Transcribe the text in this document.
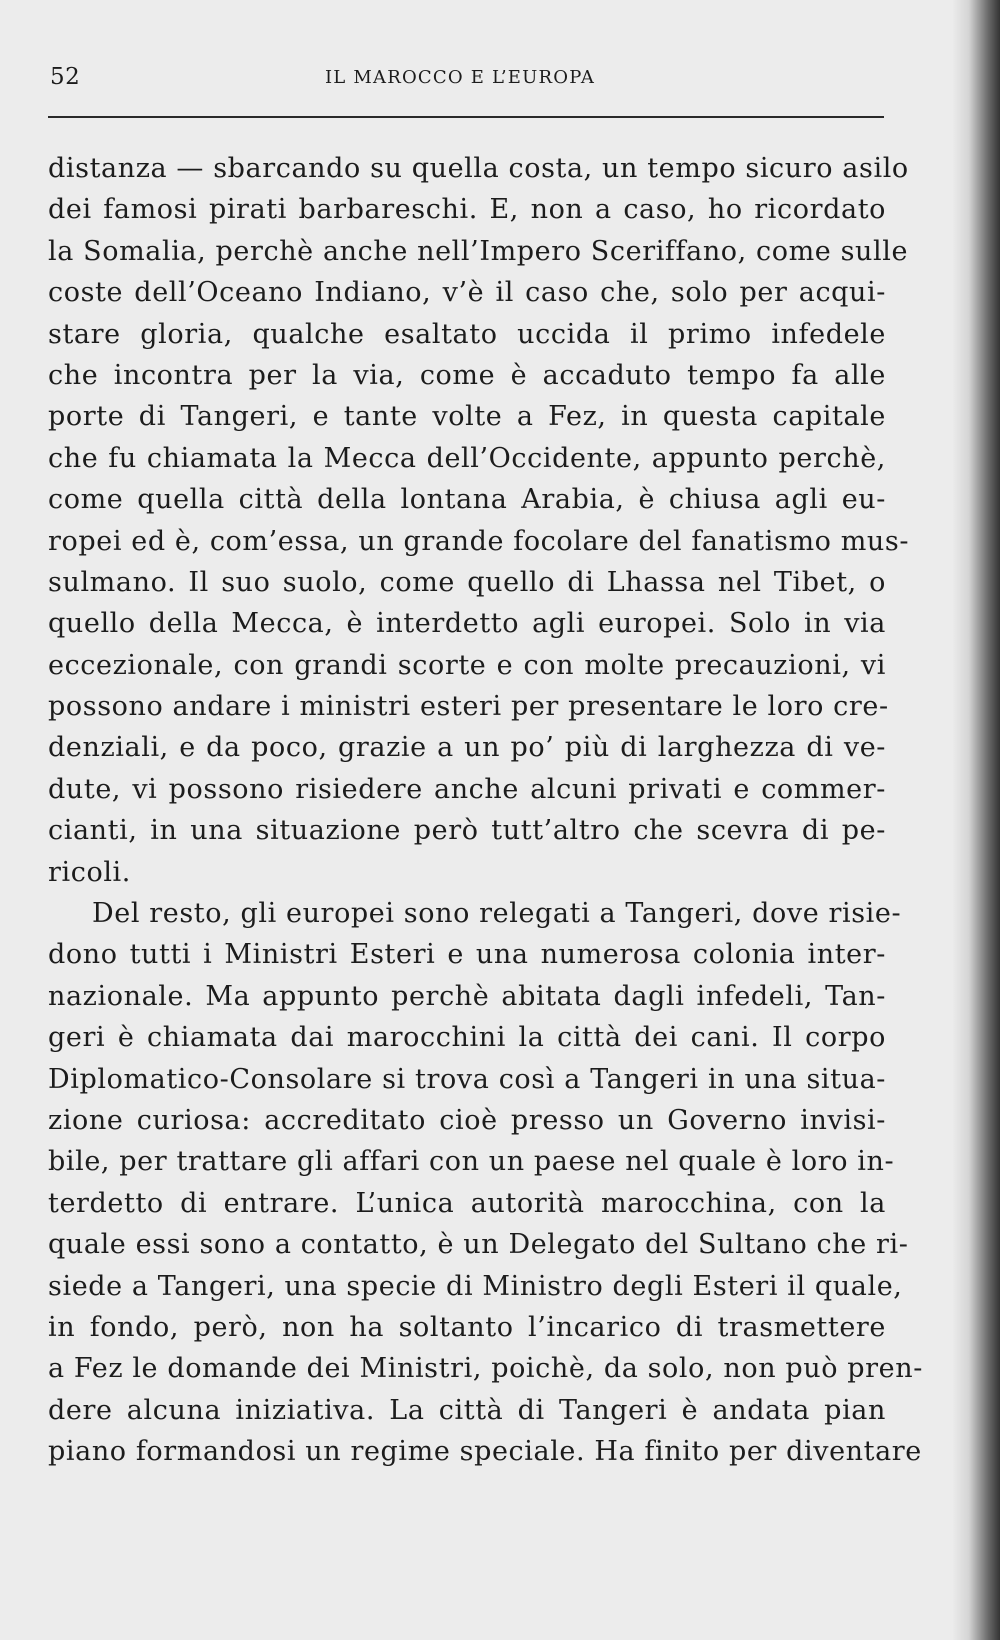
52	IL MAROCCO E L’EUROPA
distanza — sbarcando su quella costa, un tempo sicuro asilo
dei famosi pirati barbareschi. E, non a caso, ho ricordato
la Somalia, perchè anche nell’Impero Sceriffano, come sulle
coste dell’Oceano Indiano, v’è il caso che, solo per acqui-
stare gloria, qualche esaltato uccida il primo infedele
che incontra per la via, come è accaduto tempo fa alle
porte di Tangeri, e tante volte a Fez, in questa capitale
che fu chiamata la Mecca dell’Occidente, appunto perchè,
come quella città della lontana Arabia, è chiusa agli eu-
ropei ed è, com’essa, un grande focolare del fanatismo mus-
sulmano. Il suo suolo, come quello di Lhassa nel Tibet, o
quello della Mecca, è interdetto agli europei. Solo in via
eccezionale, con grandi scorte e con molte precauzioni, vi
possono andare i ministri esteri per presentare le loro cre-
denziali, e da poco, grazie a un po’ più di larghezza di ve-
dute, vi possono risiedere anche alcuni privati e commer-
cianti, in una situazione però tutt’altro che scevra di pe-
ricoli.
Del resto, gli europei sono relegati a Tangeri, dove risie-
dono tutti i Ministri Esteri e una numerosa colonia inter-
nazionale. Ma appunto perchè abitata dagli infedeli, Tan-
geri è chiamata dai marocchini la città dei cani. Il corpo
Diplomatico-Consolare si trova così a Tangeri in una situa-
zione curiosa: accreditato cioè presso un Governo invisi-
bile, per trattare gli affari con un paese nel quale è loro in-
terdetto di entrare. L’unica autorità marocchina, con la
quale essi sono a contatto, è un Delegato del Sultano che ri-
siede a Tangeri, una specie di Ministro degli Esteri il quale,
in fondo, però, non ha soltanto l’incarico di trasmettere
a Fez le domande dei Ministri, poichè, da solo, non può pren-
dere alcuna iniziativa. La città di Tangeri è andata pian
piano formandosi un regime speciale. Ha finito per diventare
